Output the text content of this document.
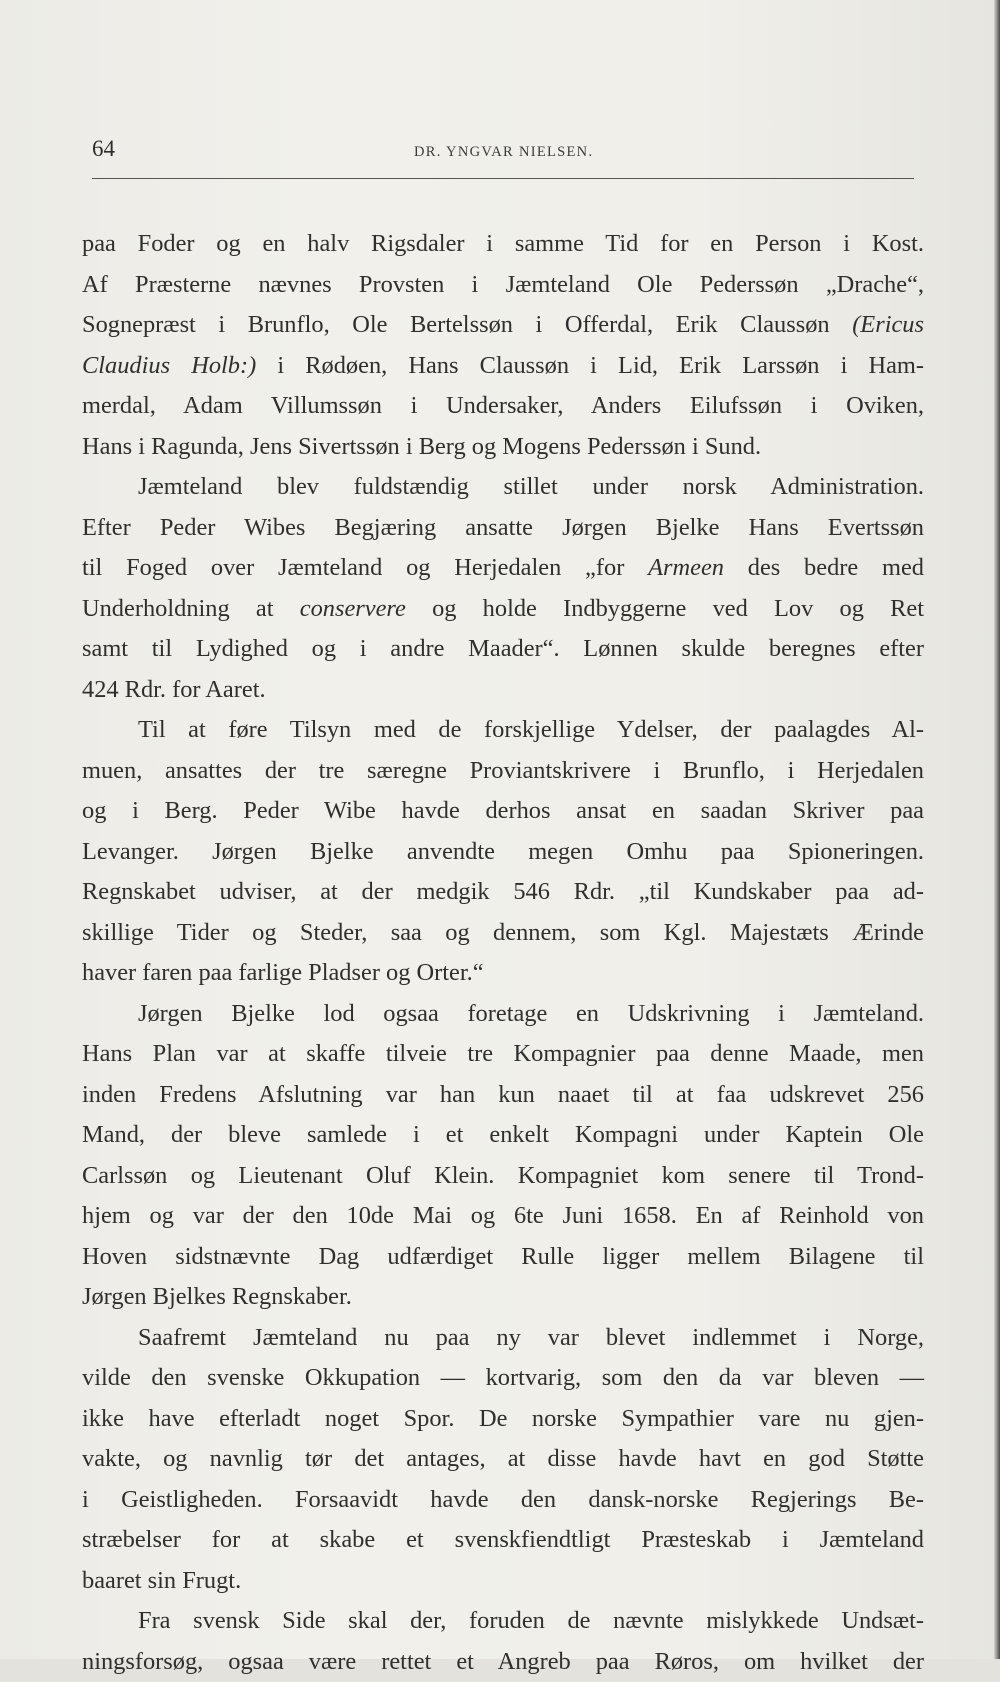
64	DR. YNGVAR NIELSEN.
paa Foder og en halv Rigsdaler i samme Tid for en Person i Kost.
Af Præsterne nævnes Provsten i Jæmteland Ole Pederssøn „Drache“,
Sognepræst i Brunflo, Ole Bertelssøn i Offerdal, Erik Claussøn (Ericus
Claudius Holb:) i Rødøen, Hans Claussøn i Lid, Erik Larssøn i Ham-
merdal, Adam Villumssøn i Undersaker, Anders Eilufssøn i Oviken,
Hans i Ragunda, Jens Sivertssøn i Berg og Mogens Pederssøn i Sund.
Jæmteland blev fuldstændig stillet under norsk Administration.
Efter Peder Wibes Begjæring ansatte Jørgen Bjelke Hans Evertssøn
til Foged over Jæmteland og Herjedalen „for Armeen des bedre med
Underholdning at conservere og holde Indbyggerne ved Lov og Ret
samt til Lydighed og i andre Maader“. Lønnen skulde beregnes efter
424 Rdr. for Aaret.
Til at føre Tilsyn med de forskjellige Ydelser, der paalagdes Al-
muen, ansattes der tre særegne Proviantskrivere i Brunflo, i Herjedalen
og i Berg. Peder Wibe havde derhos ansat en saadan Skriver paa
Levanger. Jørgen Bjelke anvendte megen Omhu paa Spioneringen.
Regnskabet udviser, at der medgik 546 Rdr. „til Kundskaber paa ad-
skillige Tider og Steder, saa og dennem, som Kgl. Majestæts Ærinde
haver faren paa farlige Pladser og Orter.“
Jørgen Bjelke lod ogsaa foretage en Udskrivning i Jæmteland.
Hans Plan var at skaffe tilveie tre Kompagnier paa denne Maade, men
inden Fredens Afslutning var han kun naaet til at faa udskrevet 256
Mand, der bleve samlede i et enkelt Kompagni under Kaptein Ole
Carlssøn og Lieutenant Oluf Klein. Kompagniet kom senere til Trond-
hjem og var der den 10de Mai og 6te Juni 1658. En af Reinhold von
Hoven sidstnævnte Dag udfærdiget Rulle ligger mellem Bilagene til
Jørgen Bjelkes Regnskaber.
Saafremt Jæmteland nu paa ny var blevet indlemmet i Norge,
vilde den svenske Okkupation — kortvarig, som den da var bleven —
ikke have efterladt noget Spor. De norske Sympathier vare nu gjen-
vakte, og navnlig tør det antages, at disse havde havt en god Støtte
i Geistligheden. Forsaavidt havde den dansk-norske Regjerings Be-
stræbelser for at skabe et svenskfiendtligt Præsteskab i Jæmteland
baaret sin Frugt.
Fra svensk Side skal der, foruden de nævnte mislykkede Undsæt-
ningsforsøg, ogsaa være rettet et Angreb paa Røros, om hvilket der
